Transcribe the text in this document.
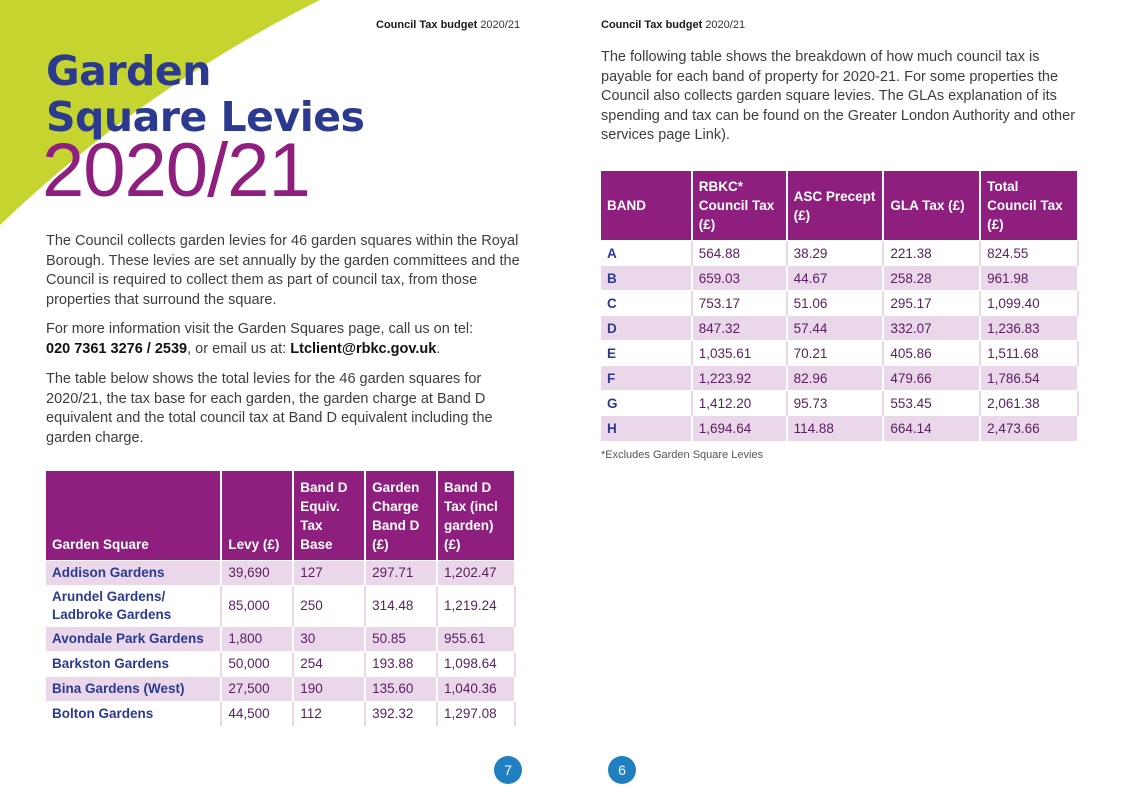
Council Tax budget 2020/21	Council Tax budget 2020/21
Garden
Square Levies
2020/21

The Council collects garden levies for 46 garden squares within the Royal Borough. These levies are set annually by the garden committees and the Council is required to collect them as part of council tax, from those properties that surround the square.

For more information visit the Garden Squares page, call us on tel:
020 7361 3276 / 2539, or email us at: Ltclient@rbkc.gov.uk.

The table below shows the total levies for the 46 garden squares for 2020/21, the tax base for each garden, the garden charge at Band D equivalent and the total council tax at Band D equivalent including the garden charge.

Garden Square	Levy (£)	Band D Equiv. Tax Base	Garden Charge Band D (£)	Band D Tax (incl garden) (£)
Addison Gardens	39,690	127	297.71	1,202.47
Arundel Gardens/ Ladbroke Gardens	85,000	250	314.48	1,219.24
Avondale Park Gardens	1,800	30	50.85	955.61
Barkston Gardens	50,000	254	193.88	1,098.64
Bina Gardens (West)	27,500	190	135.60	1,040.36
Bolton Gardens	44,500	112	392.32	1,297.08

The following table shows the breakdown of how much council tax is payable for each band of property for 2020-21. For some properties the Council also collects garden square levies. The GLAs explanation of its spending and tax can be found on the Greater London Authority and other services page Link).

BAND	RBKC* Council Tax (£)	ASC Precept (£)	GLA Tax (£)	Total Council Tax (£)
A	564.88	38.29	221.38	824.55
B	659.03	44.67	258.28	961.98
C	753.17	51.06	295.17	1,099.40
D	847.32	57.44	332.07	1,236.83
E	1,035.61	70.21	405.86	1,511.68
F	1,223.92	82.96	479.66	1,786.54
G	1,412.20	95.73	553.45	2,061.38
H	1,694.64	114.88	664.14	2,473.66
*Excludes Garden Square Levies
7	6
